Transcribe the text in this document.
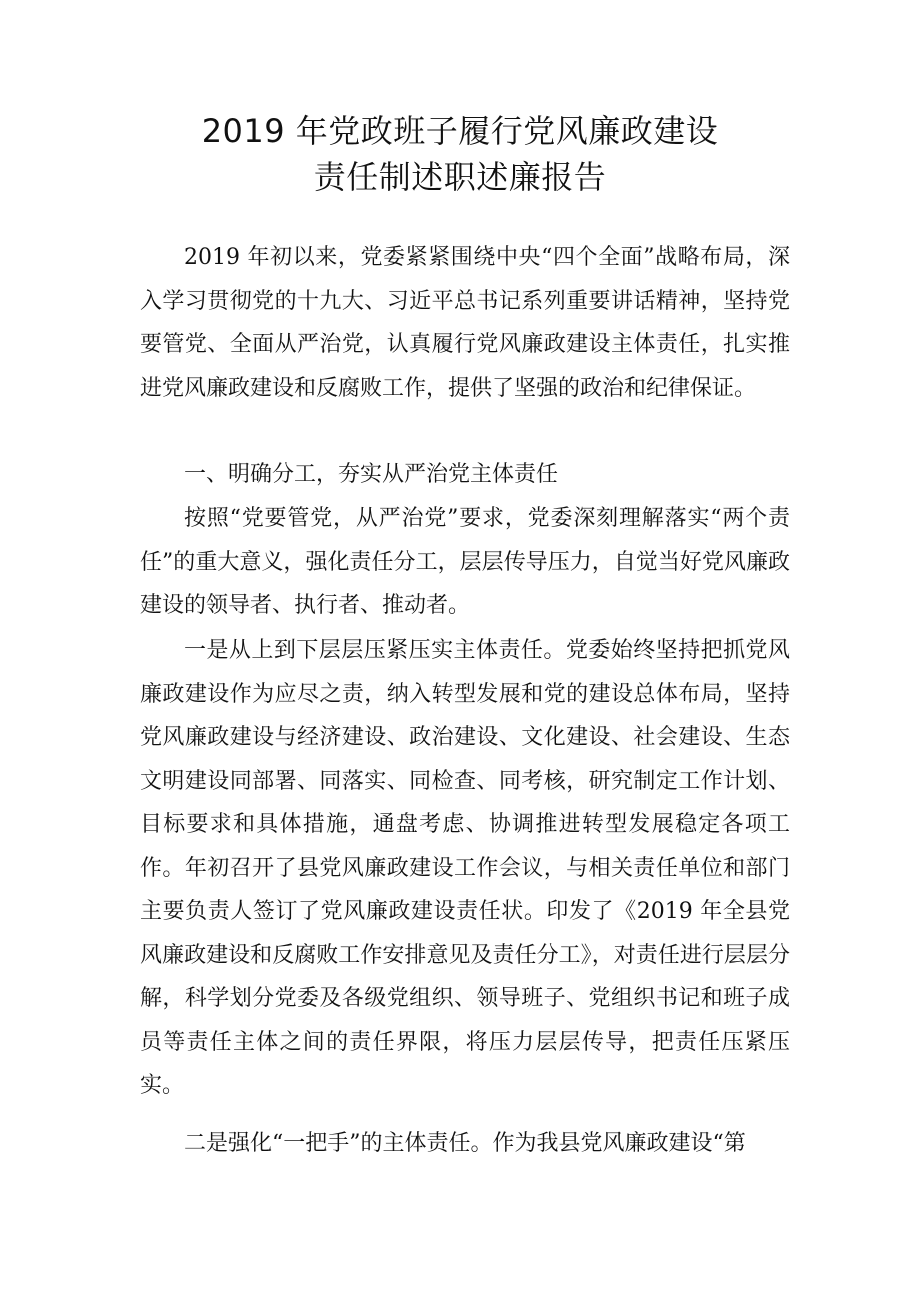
2019 年党政班子履行党风廉政建设
责任制述职述廉报告

2019 年初以来，党委紧紧围绕中央“四个全面”战略布局，深入学习贯彻党的十九大、习近平总书记系列重要讲话精神，坚持党要管党、全面从严治党，认真履行党风廉政建设主体责任，扎实推进党风廉政建设和反腐败工作，提供了坚强的政治和纪律保证。

一、明确分工，夯实从严治党主体责任

按照“党要管党，从严治党”要求，党委深刻理解落实“两个责任”的重大意义，强化责任分工，层层传导压力，自觉当好党风廉政建设的领导者、执行者、推动者。

一是从上到下层层压紧压实主体责任。党委始终坚持把抓党风廉政建设作为应尽之责，纳入转型发展和党的建设总体布局，坚持党风廉政建设与经济建设、政治建设、文化建设、社会建设、生态文明建设同部署、同落实、同检查、同考核，研究制定工作计划、目标要求和具体措施，通盘考虑、协调推进转型发展稳定各项工作。年初召开了县党风廉政建设工作会议，与相关责任单位和部门主要负责人签订了党风廉政建设责任状。印发了《2019 年全县党风廉政建设和反腐败工作安排意见及责任分工》，对责任进行层层分解，科学划分党委及各级党组织、领导班子、党组织书记和班子成员等责任主体之间的责任界限，将压力层层传导，把责任压紧压实。

二是强化“一把手”的主体责任。作为我县党风廉政建设“第
